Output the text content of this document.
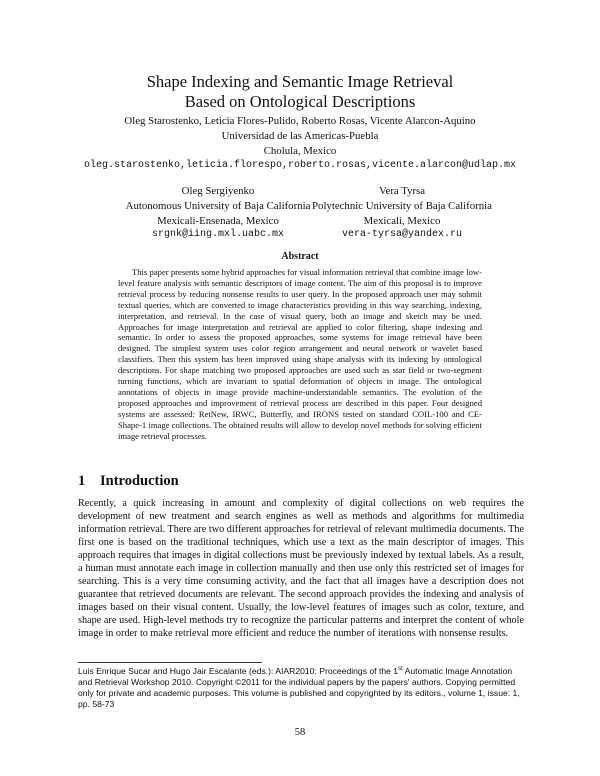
Shape Indexing and Semantic Image Retrieval
Based on Ontological Descriptions
Oleg Starostenko, Leticia Flores-Pulido, Roberto Rosas, Vicente Alarcon-Aquino
Universidad de las Americas-Puebla
Cholula, Mexico
oleg.starostenko,leticia.florespo,roberto.rosas,vicente.alarcon@udlap.mx
Oleg Sergiyenko
Autonomous University of Baja California
Mexicali-Ensenada, Mexico
srgnk@iing.mxl.uabc.mx
Vera Tyrsa
Polytechnic University of Baja California
Mexicali, Mexico
vera-tyrsa@yandex.ru
Abstract

This paper presents some hybrid approaches for visual information retrieval that combine image low-level feature analysis with semantic descriptors of image content. The aim of this proposal is to improve retrieval process by reducing nonsense results to user query. In the proposed approach user may submit textual queries, which are converted to image characteristics providing in this way searching, indexing, interpretation, and retrieval. In the case of visual query, both an image and sketch may be used. Approaches for image interpretation and retrieval are applied to color filtering, shape indexing and semantic. In order to assess the proposed approaches, some systems for image retrieval have been designed. The simplest system uses color region arrangement and neural network or wavelet based classifiers. Then this system has been improved using shape analysis with its indexing by ontological descriptions. For shape matching two proposed approaches are used such as star field or two-segment turning functions, which are invariant to spatial deformation of objects in image. The ontological annotations of objects in image provide machine-understandable semantics. The evolution of the proposed approaches and improvement of retrieval process are described in this paper. Four designed systems are assessed: RetNew, IRWC, Butterfly, and IRONS tested on standard COIL-100 and CE-Shape-1 image collections. The obtained results will allow to develop novel methods for solving efficient image retrieval processes.

1 Introduction

Recently, a quick increasing in amount and complexity of digital collections on web requires the development of new treatment and search engines as well as methods and algorithms for multimedia information retrieval. There are two different approaches for retrieval of relevant multimedia documents. The first one is based on the traditional techniques, which use a text as the main descriptor of images. This approach requires that images in digital collections must be previously indexed by textual labels. As a result, a human must annotate each image in collection manually and then use only this restricted set of images for searching. This is a very time consuming activity, and the fact that all images have a description does not guarantee that retrieved documents are relevant. The second approach provides the indexing and analysis of images based on their visual content. Usually, the low-level features of images such as color, texture, and shape are used. High-level methods try to recognize the particular patterns and interpret the content of whole image in order to make retrieval more efficient and reduce the number of iterations with nonsense results.

Luis Enrique Sucar and Hugo Jair Escalante (eds.): AIAR2010: Proceedings of the 1st Automatic Image Annotation and Retrieval Workshop 2010. Copyright ©2011 for the individual papers by the papers' authors. Copying permitted only for private and academic purposes. This volume is published and copyrighted by its editors., volume 1, issue: 1, pp. 58-73

58
